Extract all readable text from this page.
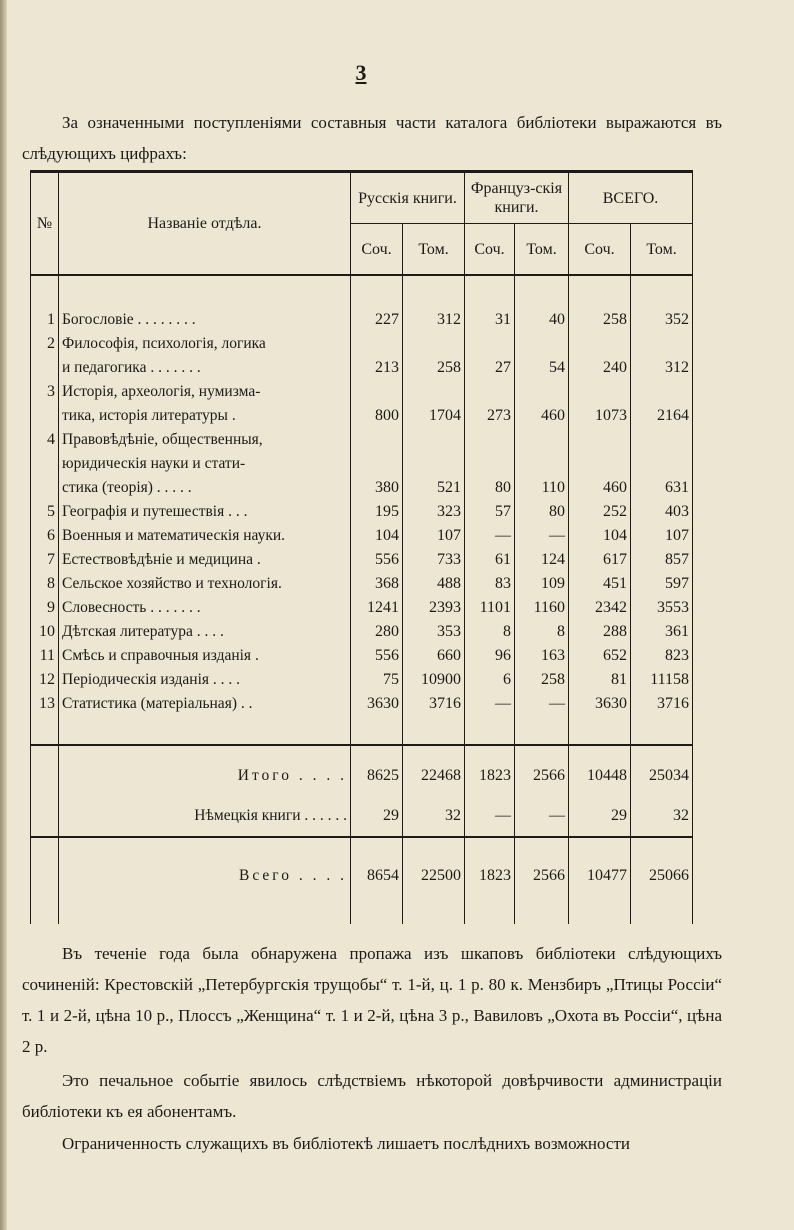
3
За означенными поступленіями составныя части каталога библіотеки выражаются въ слѣдующихъ цифрахъ:
№	Названіе отдѣла.	Русскія книги.		Француз-скія книги.		ВСЕГО.	
		Соч.	Том.	Соч.	Том.	Соч.	Том.

1	Богословіе . . . . . . . .	227	312	31	40	258	352
2	Философія, психологія, логика						
	и педагогика . . . . . . .	213	258	27	54	240	312
3	Исторія, археологія, нумизма-						
	тика, исторія литературы .	800	1704	273	460	1073	2164
4	Правовѣдѣніе, общественныя,						
	юридическія науки и стати-						
	стика (теорія) . . . . .	380	521	80	110	460	631
5	Географія и путешествія . . .	195	323	57	80	252	403
6	Военныя и математическія науки.	104	107	—	—	104	107
7	Естествовѣдѣніе и медицина .	556	733	61	124	617	857
8	Сельское хозяйство и технологія.	368	488	83	109	451	597
9	Словесность . . . . . . .	1241	2393	1101	1160	2342	3553
10	Дѣтская литература . . . .	280	353	8	8	288	361
11	Смѣсь и справочныя изданія .	556	660	96	163	652	823
12	Періодическія изданія . . . .	75	10900	6	258	81	11158
13	Статистика (матеріальная) . .	3630	3716	—	—	3630	3716

	Итого . . . .	8625	22468	1823	2566	10448	25034
	Нѣмецкія книги . . . . . .	29	32	—	—	29	32

	Всего . . . .	8654	22500	1823	2566	10477	25066

Въ теченіе года была обнаружена пропажа изъ шкаповъ библіотеки слѣдующихъ сочиненій: Крестовскій „Петербургскія трущобы“ т. 1-й, ц. 1 р. 80 к. Мензбиръ „Птицы Россіи“ т. 1 и 2-й, цѣна 10 р., Плоссъ „Женщина“ т. 1 и 2-й, цѣна 3 р., Вавиловъ „Охота въ Россіи“, цѣна 2 р.
Это печальное событіе явилось слѣдствіемъ нѣкоторой довѣрчивости администраціи библіотеки къ ея абонентамъ.
Ограниченность служащихъ въ библіотекѣ лишаетъ послѣднихъ возможности
